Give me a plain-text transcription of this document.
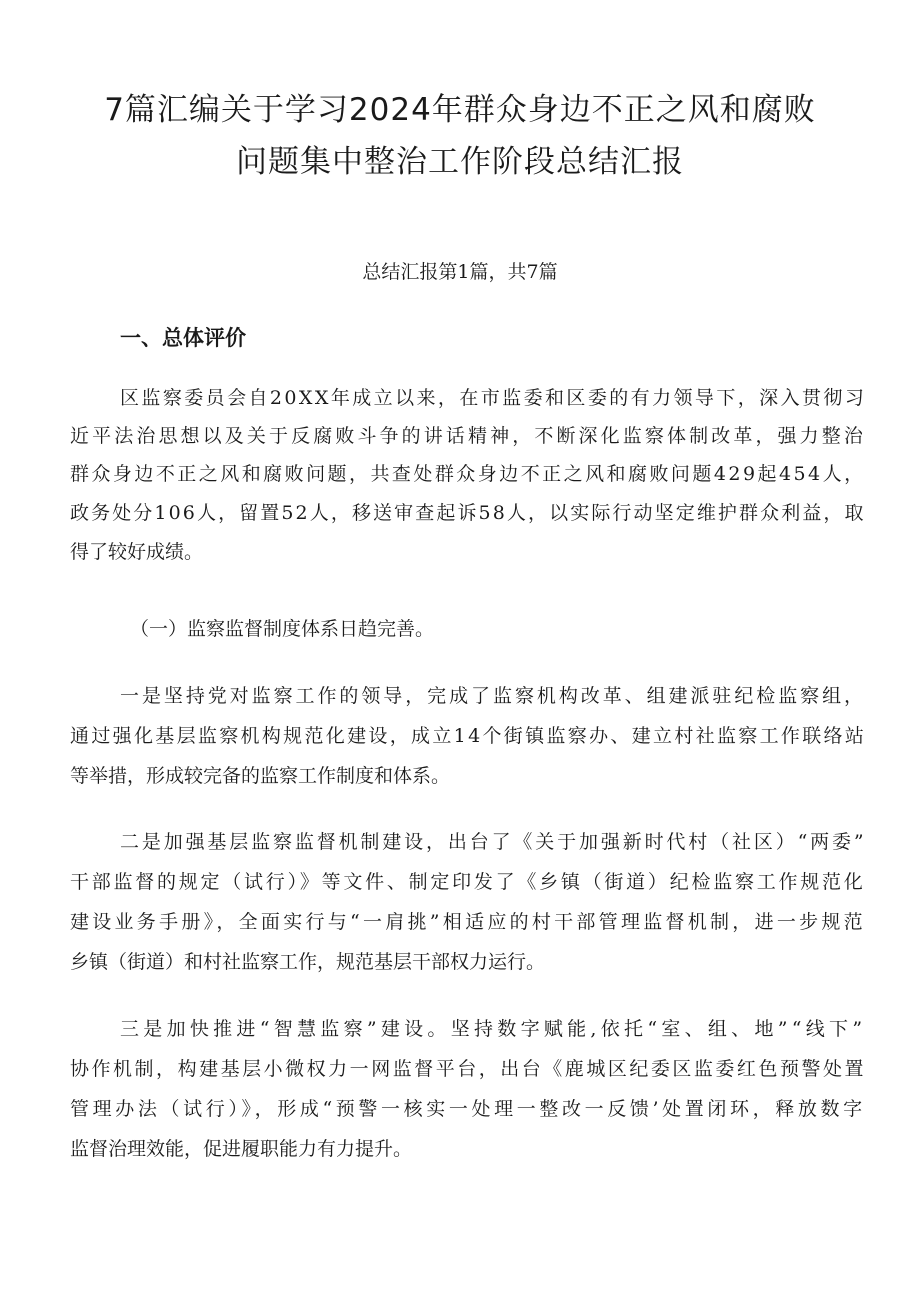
7篇汇编关于学习2024年群众身边不正之风和腐败
问题集中整治工作阶段总结汇报
总结汇报第1篇，共7篇
一、总体评价
区监察委员会自20XX年成立以来，在市监委和区委的有力领导下，深入贯彻习
近平法治思想以及关于反腐败斗争的讲话精神，不断深化监察体制改革，强力整治
群众身边不正之风和腐败问题，共查处群众身边不正之风和腐败问题429起454人，
政务处分106人，留置52人，移送审查起诉58人，以实际行动坚定维护群众利益，取
得了较好成绩。
（一）监察监督制度体系日趋完善。
一是坚持党对监察工作的领导，完成了监察机构改革、组建派驻纪检监察组，
通过强化基层监察机构规范化建设，成立14个街镇监察办、建立村社监察工作联络站
等举措，形成较完备的监察工作制度和体系。
二是加强基层监察监督机制建设，出台了《关于加强新时代村（社区）“两委”
干部监督的规定（试行）》等文件、制定印发了《乡镇（街道）纪检监察工作规范化
建设业务手册》，全面实行与“一肩挑”相适应的村干部管理监督机制，进一步规范
乡镇（街道）和村社监察工作，规范基层干部权力运行。
三是加快推进“智慧监察”建设。坚持数字赋能,依托“室、组、地”“线下”
协作机制，构建基层小微权力一网监督平台，出台《鹿城区纪委区监委红色预警处置
管理办法（试行）》，形成“预警一核实一处理一整改一反馈’处置闭环，释放数字
监督治理效能，促进履职能力有力提升。
